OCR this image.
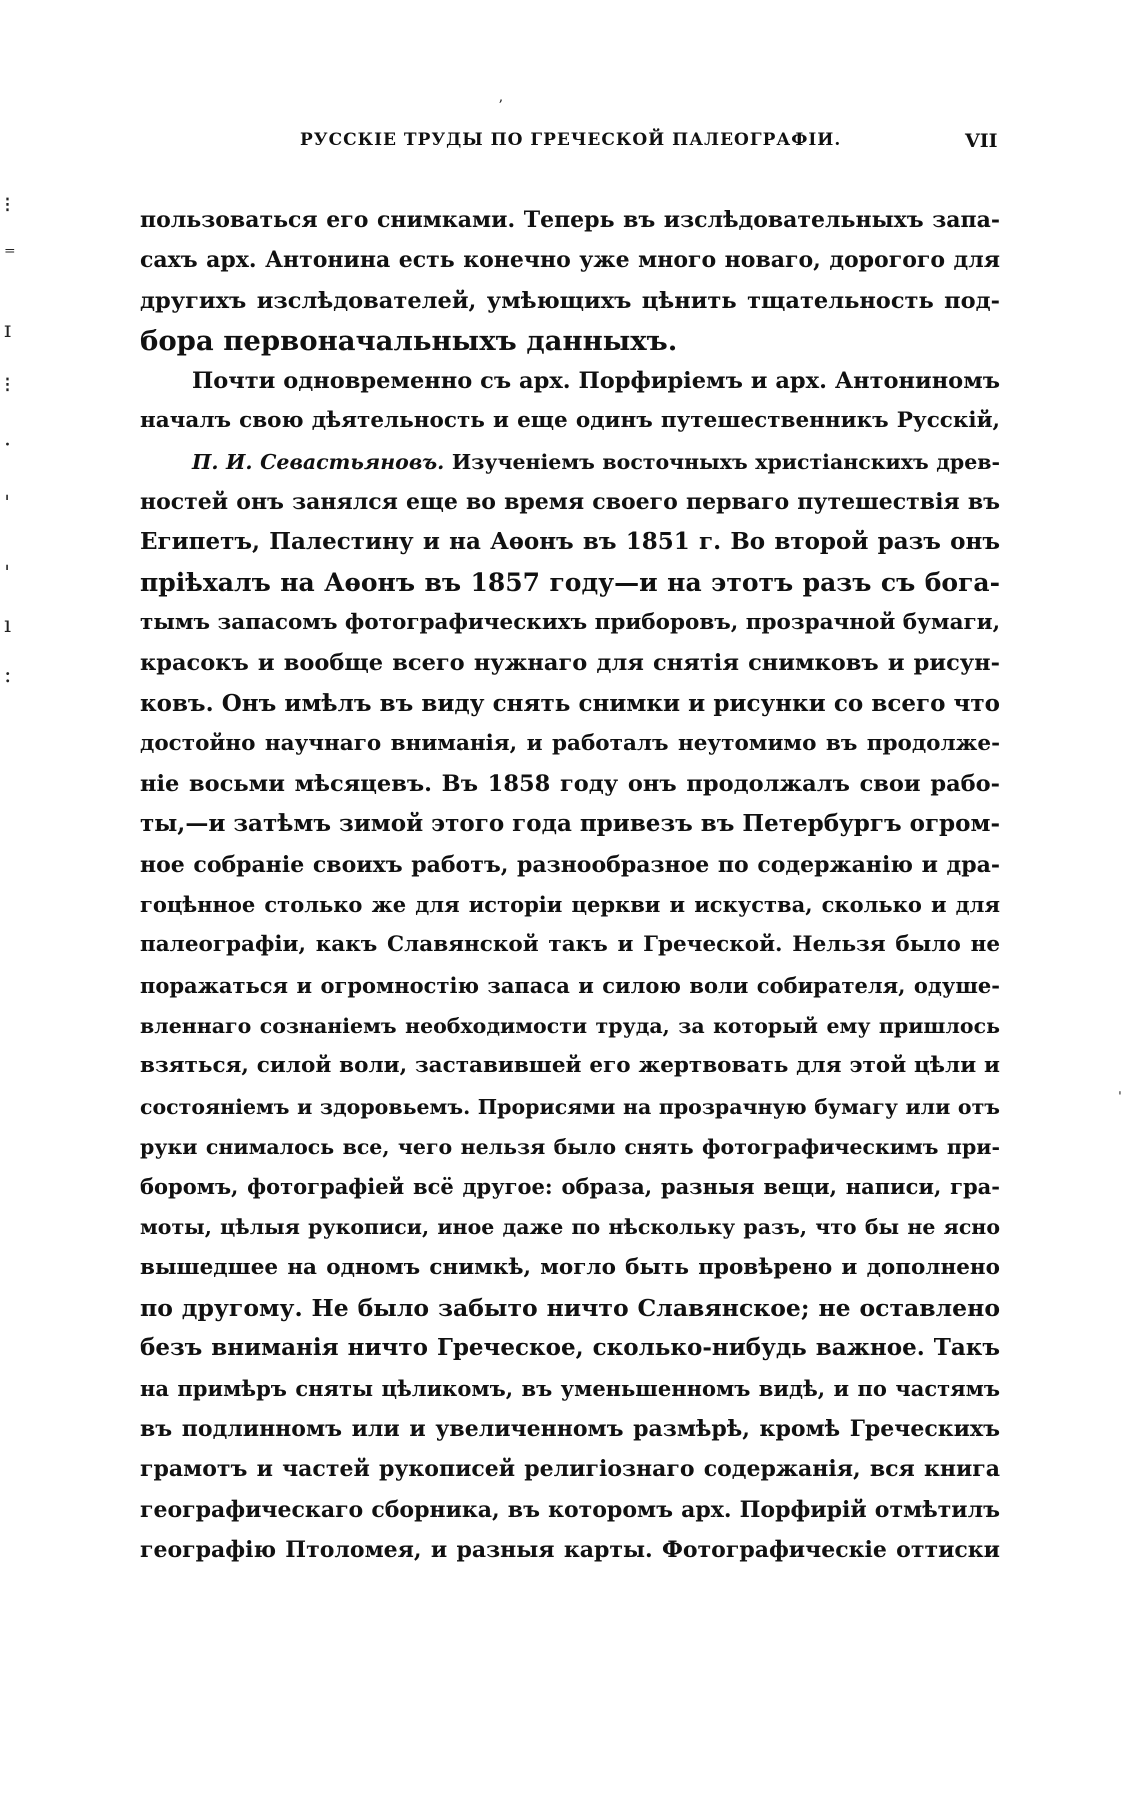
ʼ
РУССКІЕ ТРУДЫ ПО ГРЕЧЕСКОЙ ПАЛЕОГРАФІИ.	VII
⁝
⁼
ɪ
⁝
·
ˈ
ˈ
ı
:
ˈ
пользоваться его снимками. Теперь въ изслѣдовательныхъ запа-
сахъ арх. Антонина есть конечно уже много новаго, дорогого для
другихъ изслѣдователей, умѣющихъ цѣнить тщательность под-
бора первоначальныхъ данныхъ.
Почти одновременно съ арх. Порфиріемъ и арх. Антониномъ
началъ свою дѣятельность и еще одинъ путешественникъ Русскій,
П. И. Севастьяновъ. Изученіемъ восточныхъ христіанскихъ древ-
ностей онъ занялся еще во время своего перваго путешествія въ
Египетъ, Палестину и на Аѳонъ въ 1851 г. Во второй разъ онъ
пріѣхалъ на Аѳонъ въ 1857 году—и на этотъ разъ съ бога-
тымъ запасомъ фотографическихъ приборовъ, прозрачной бумаги,
красокъ и вообще всего нужнаго для снятія снимковъ и рисун-
ковъ. Онъ имѣлъ въ виду снять снимки и рисунки со всего что
достойно научнаго вниманія, и работалъ неутомимо въ продолже-
ніе восьми мѣсяцевъ. Въ 1858 году онъ продолжалъ свои рабо-
ты,—и затѣмъ зимой этого года привезъ въ Петербургъ огром-
ное собраніе своихъ работъ, разнообразное по содержанію и дра-
гоцѣнное столько же для исторіи церкви и искуства, сколько и для
палеографіи, какъ Славянской такъ и Греческой. Нельзя было не
поражаться и огромностію запаса и силою воли собирателя, одуше-
вленнаго сознаніемъ необходимости труда, за который ему пришлось
взяться, силой воли, заставившей его жертвовать для этой цѣли и
состояніемъ и здоровьемъ. Прорисями на прозрачную бумагу или отъ
руки снималось все, чего нельзя было снять фотографическимъ при-
боромъ, фотографіей всё другое: образа, разныя вещи, написи, гра-
моты, цѣлыя рукописи, иное даже по нѣскольку разъ, что бы не ясно
вышедшее на одномъ снимкѣ, могло быть провѣрено и дополнено
по другому. Не было забыто ничто Славянское; не оставлено
безъ вниманія ничто Греческое, сколько-нибудь важное. Такъ
на примѣръ сняты цѣликомъ, въ уменьшенномъ видѣ, и по частямъ
въ подлинномъ или и увеличенномъ размѣрѣ, кромѣ Греческихъ
грамотъ и частей рукописей религіознаго содержанія, вся книга
географическаго сборника, въ которомъ арх. Порфирій отмѣтилъ
географію Птоломея, и разныя карты. Фотографическіе оттиски
